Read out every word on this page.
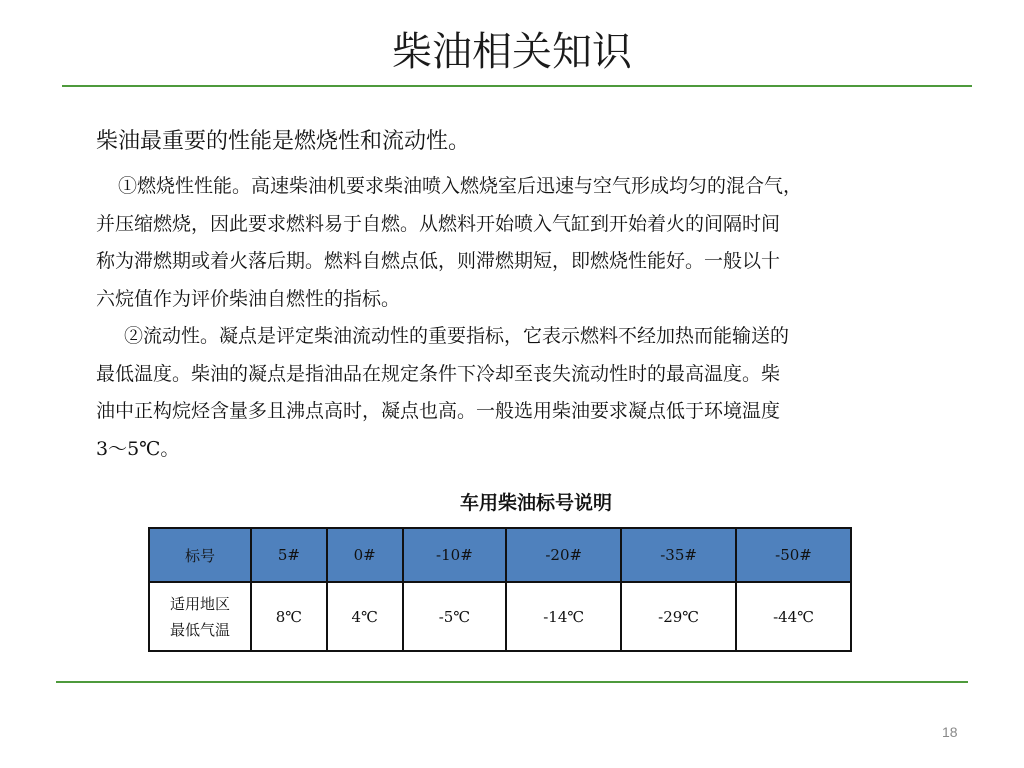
柴油相关知识

柴油最重要的性能是燃烧性和流动性。

①燃烧性性能。高速柴油机要求柴油喷入燃烧室后迅速与空气形成均匀的混合气，
并压缩燃烧，因此要求燃料易于自燃。从燃料开始喷入气缸到开始着火的间隔时间
称为滞燃期或着火落后期。燃料自燃点低，则滞燃期短，即燃烧性能好。一般以十
六烷值作为评价柴油自燃性的指标。

②流动性。凝点是评定柴油流动性的重要指标，它表示燃料不经加热而能输送的
最低温度。柴油的凝点是指油品在规定条件下冷却至丧失流动性时的最高温度。柴
油中正构烷烃含量多且沸点高时，凝点也高。一般选用柴油要求凝点低于环境温度
3～5℃。

车用柴油标号说明
标号	5#	0#	-10#	-20#	-35#	-50#
适用地区
最低气温	8℃	4℃	-5℃	-14℃	-29℃	-44℃
18
